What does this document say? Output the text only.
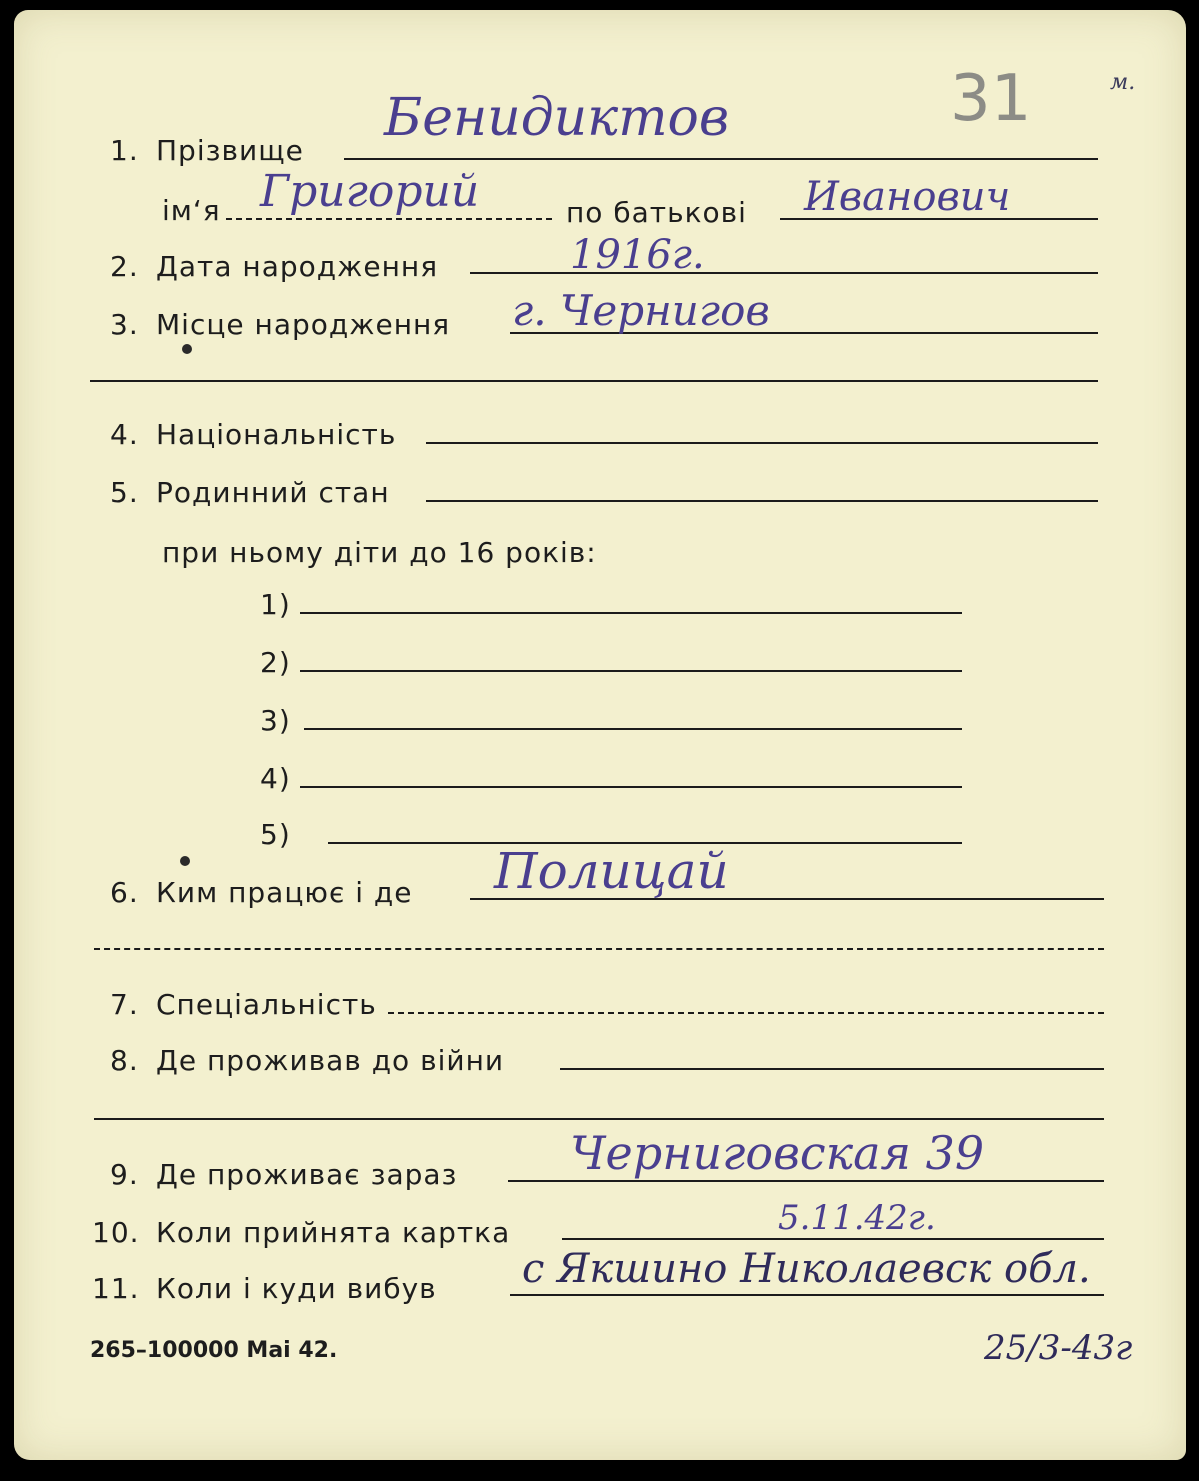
31	м.
1. Прізвище
Бенидиктов
ім‘я Григорий	по батькові Иванович
2. Дата народження	1916г.
3. Місце народження г. Чернигов
4. Національність
5. Родинний стан
при ньому діти до 16 років:
1)
2)
3)
4)
5)
6. Ким працює і де Полицай
7. Спеціальність
8. Де проживав до війни
9. Де проживає зараз Черниговская 39
10. Коли прийнята картка	5.11.42г.
11. Коли і куди вибув с Якшино Николаевск обл.
25/3-43г
265–100000 Mai 42.
